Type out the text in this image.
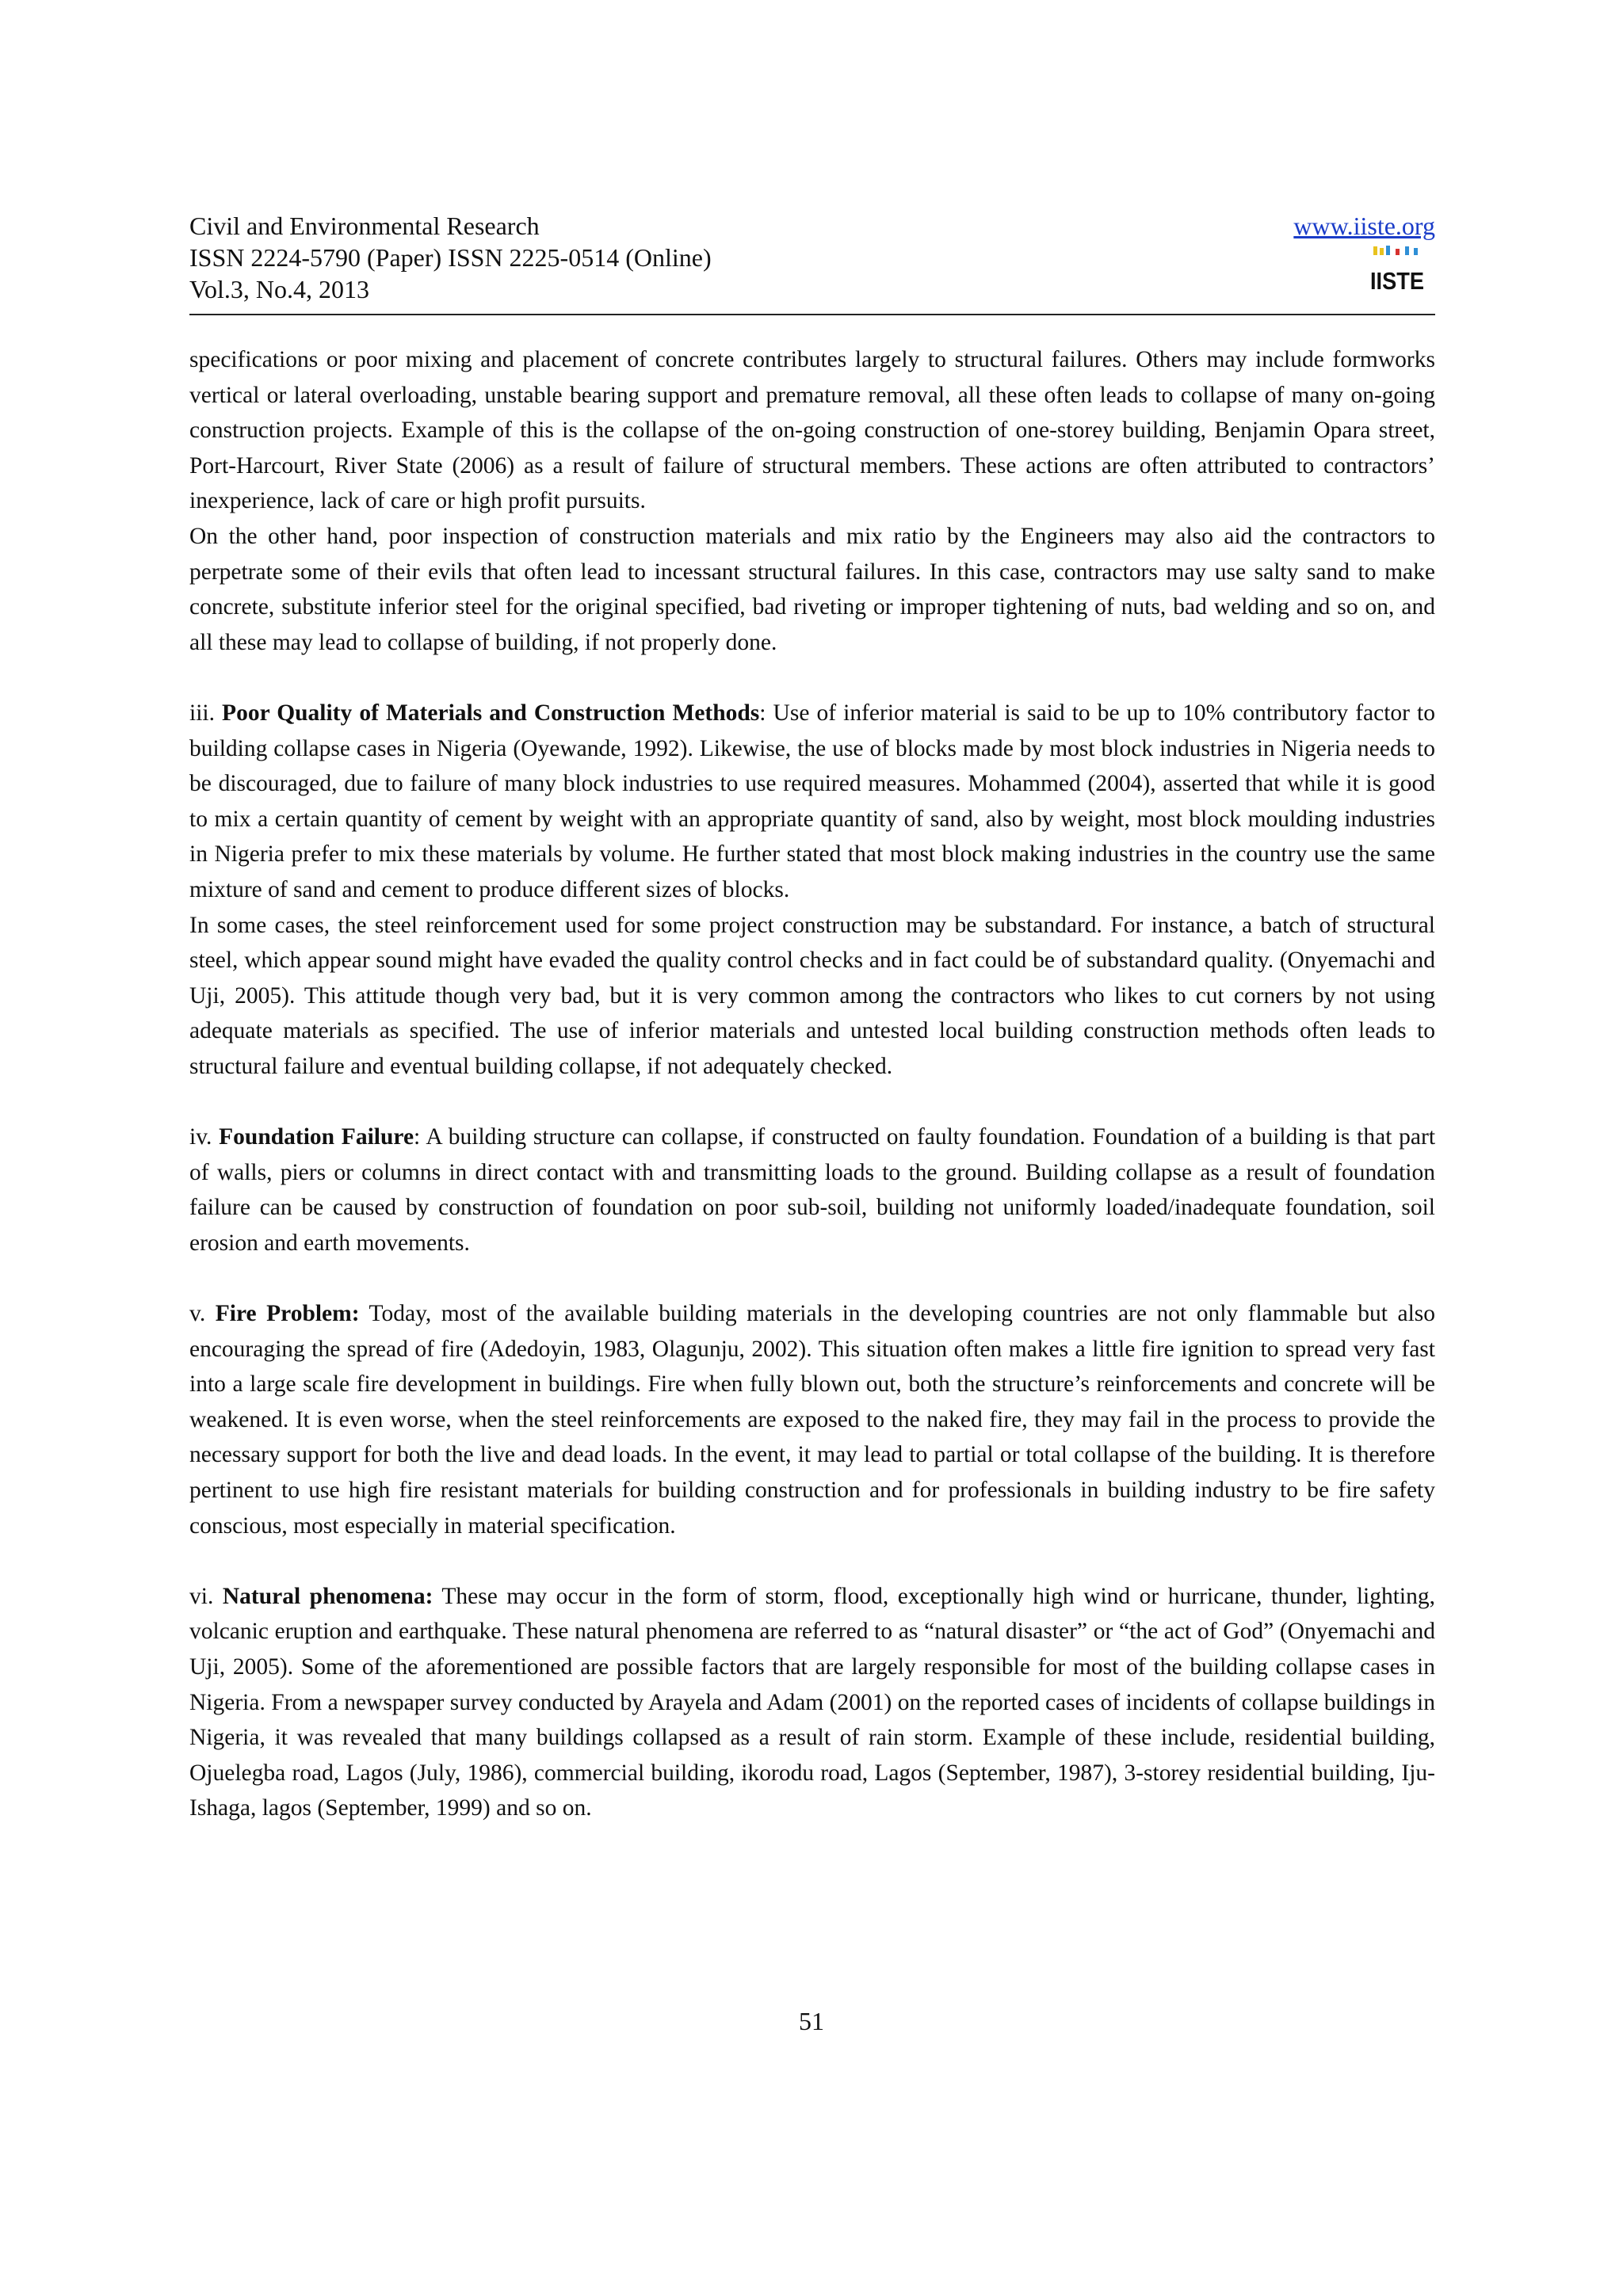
Civil and Environmental Research
ISSN 2224-5790 (Paper) ISSN 2225-0514 (Online)
Vol.3, No.4, 2013
www.iiste.org
IISTE

specifications or poor mixing and placement of concrete contributes largely to structural failures. Others may include formworks vertical or lateral overloading, unstable bearing support and premature removal, all these often leads to collapse of many on-going construction projects. Example of this is the collapse of the on-going construction of one-storey building, Benjamin Opara street, Port-Harcourt, River State (2006) as a result of failure of structural members. These actions are often attributed to contractors’ inexperience, lack of care or high profit pursuits.

On the other hand, poor inspection of construction materials and mix ratio by the Engineers may also aid the contractors to perpetrate some of their evils that often lead to incessant structural failures. In this case, contractors may use salty sand to make concrete, substitute inferior steel for the original specified, bad riveting or improper tightening of nuts, bad welding and so on, and all these may lead to collapse of building, if not properly done.

iii. Poor Quality of Materials and Construction Methods: Use of inferior material is said to be up to 10% contributory factor to building collapse cases in Nigeria (Oyewande, 1992). Likewise, the use of blocks made by most block industries in Nigeria needs to be discouraged, due to failure of many block industries to use required measures. Mohammed (2004), asserted that while it is good to mix a certain quantity of cement by weight with an appropriate quantity of sand, also by weight, most block moulding industries in Nigeria prefer to mix these materials by volume. He further stated that most block making industries in the country use the same mixture of sand and cement to produce different sizes of blocks.

In some cases, the steel reinforcement used for some project construction may be substandard. For instance, a batch of structural steel, which appear sound might have evaded the quality control checks and in fact could be of substandard quality. (Onyemachi and Uji, 2005). This attitude though very bad, but it is very common among the contractors who likes to cut corners by not using adequate materials as specified. The use of inferior materials and untested local building construction methods often leads to structural failure and eventual building collapse, if not adequately checked.

iv. Foundation Failure: A building structure can collapse, if constructed on faulty foundation. Foundation of a building is that part of walls, piers or columns in direct contact with and transmitting loads to the ground. Building collapse as a result of foundation failure can be caused by construction of foundation on poor sub-soil, building not uniformly loaded/inadequate foundation, soil erosion and earth movements.

v. Fire Problem: Today, most of the available building materials in the developing countries are not only flammable but also encouraging the spread of fire (Adedoyin, 1983, Olagunju, 2002). This situation often makes a little fire ignition to spread very fast into a large scale fire development in buildings. Fire when fully blown out, both the structure’s reinforcements and concrete will be weakened. It is even worse, when the steel reinforcements are exposed to the naked fire, they may fail in the process to provide the necessary support for both the live and dead loads. In the event, it may lead to partial or total collapse of the building. It is therefore pertinent to use high fire resistant materials for building construction and for professionals in building industry to be fire safety conscious, most especially in material specification.

vi. Natural phenomena: These may occur in the form of storm, flood, exceptionally high wind or hurricane, thunder, lighting, volcanic eruption and earthquake. These natural phenomena are referred to as “natural disaster” or “the act of God” (Onyemachi and Uji, 2005). Some of the aforementioned are possible factors that are largely responsible for most of the building collapse cases in Nigeria. From a newspaper survey conducted by Arayela and Adam (2001) on the reported cases of incidents of collapse buildings in Nigeria, it was revealed that many buildings collapsed as a result of rain storm. Example of these include, residential building, Ojuelegba road, Lagos (July, 1986), commercial building, ikorodu road, Lagos (September, 1987), 3-storey residential building, Iju-Ishaga, lagos (September, 1999) and so on.

51
